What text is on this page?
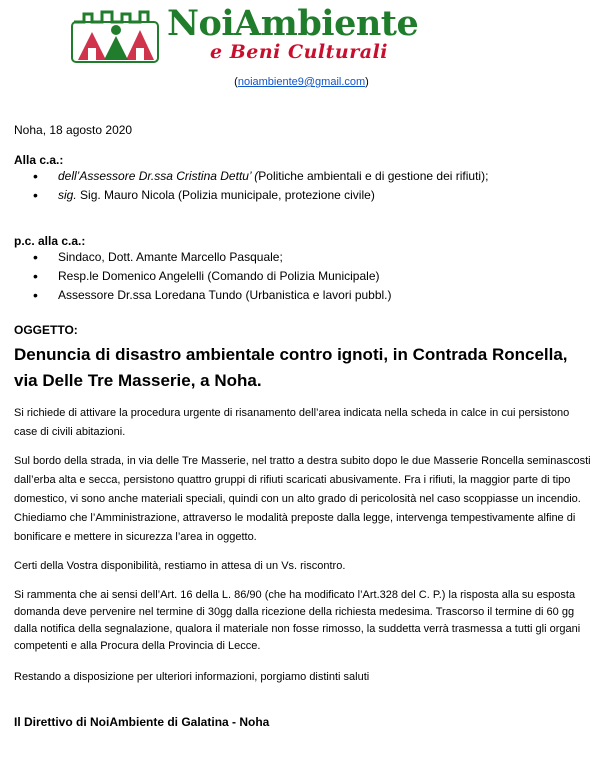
NoiAmbiente
e Beni Culturali
(noiambiente9@gmail.com)
Noha, 18 agosto 2020
Alla c.a.:
• dell’Assessore Dr.ssa Cristina Dettu’ (Politiche ambientali e di gestione dei rifiuti);
• sig. Sig. Mauro Nicola (Polizia municipale, protezione civile)
p.c. alla c.a.:
• Sindaco, Dott. Amante Marcello Pasquale;
• Resp.le Domenico Angelelli (Comando di Polizia Municipale)
• Assessore Dr.ssa Loredana Tundo (Urbanistica e lavori pubbl.)
OGGETTO:
Denuncia di disastro ambientale contro ignoti, in Contrada Roncella, via Delle Tre Masserie, a Noha.
Si richiede di attivare la procedura urgente di risanamento dell’area indicata nella scheda in calce in cui persistono case di civili abitazioni.
Sul bordo della strada, in via delle Tre Masserie, nel tratto a destra subito dopo le due Masserie Roncella seminascosti dall’erba alta e secca, persistono quattro gruppi di rifiuti scaricati abusivamente. Fra i rifiuti, la maggior parte di tipo domestico, vi sono anche materiali speciali, quindi con un alto grado di pericolosità nel caso scoppiasse un incendio. Chiediamo che l’Amministrazione, attraverso le modalità preposte dalla legge, intervenga tempestivamente alfine di bonificare e mettere in sicurezza l’area in oggetto.
Certi della Vostra disponibilità, restiamo in attesa di un Vs. riscontro.
Si rammenta che ai sensi dell’Art. 16 della L. 86/90 (che ha modificato l’Art.328 del C. P.) la risposta alla su esposta domanda deve pervenire nel termine di 30gg dalla ricezione della richiesta medesima. Trascorso il termine di 60 gg dalla notifica della segnalazione, qualora il materiale non fosse rimosso, la suddetta verrà trasmessa a tutti gli organi competenti e alla Procura della Provincia di Lecce.
Restando a disposizione per ulteriori informazioni, porgiamo distinti saluti
Il Direttivo di NoiAmbiente di Galatina - Noha
